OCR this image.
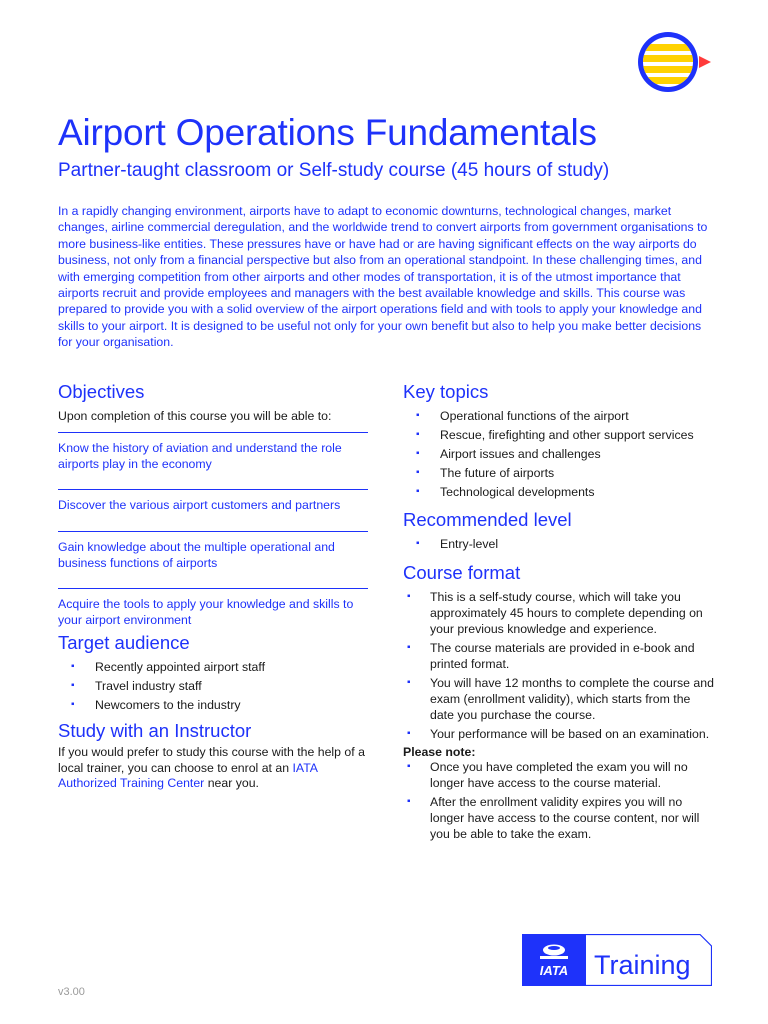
Airport Operations Fundamentals

Partner-taught classroom or Self-study course (45 hours of study)

In a rapidly changing environment, airports have to adapt to economic downturns, technological changes, market changes, airline commercial deregulation, and the worldwide trend to convert airports from government organisations to more business-like entities. These pressures have or have had or are having significant effects on the way airports do business, not only from a financial perspective but also from an operational standpoint. In these challenging times, and with emerging competition from other airports and other modes of transportation, it is of the utmost importance that airports recruit and provide employees and managers with the best available knowledge and skills. This course was prepared to provide you with a solid overview of the airport operations field and with tools to apply your knowledge and skills to your airport. It is designed to be useful not only for your own benefit but also to help you make better decisions for your organisation.

Objectives

Upon completion of this course you will be able to:

Know the history of aviation and understand the role airports play in the economy
Discover the various airport customers and partners
Gain knowledge about the multiple operational and business functions of airports
Acquire the tools to apply your knowledge and skills to your airport environment
Target audience
▪ Recently appointed airport staff
▪ Travel industry staff
▪ Newcomers to the industry
Study with an Instructor

If you would prefer to study this course with the help of a local trainer, you can choose to enrol at an IATA Authorized Training Center near you.

Key topics
▪ Operational functions of the airport
▪ Rescue, firefighting and other support services
▪ Airport issues and challenges
▪ The future of airports
▪ Technological developments
Recommended level
▪ Entry-level
Course format
▪ This is a self-study course, which will take you approximately 45 hours to complete depending on your previous knowledge and experience.
▪ The course materials are provided in e-book and printed format.
▪ You will have 12 months to complete the course and exam (enrollment validity), which starts from the date you purchase the course.
▪ Your performance will be based on an examination.

Please note:

▪ Once you have completed the exam you will no longer have access to the course material.
▪ After the enrollment validity expires you will no longer have access to the course content, nor will you be able to take the exam.
IATA Training
v3.00
